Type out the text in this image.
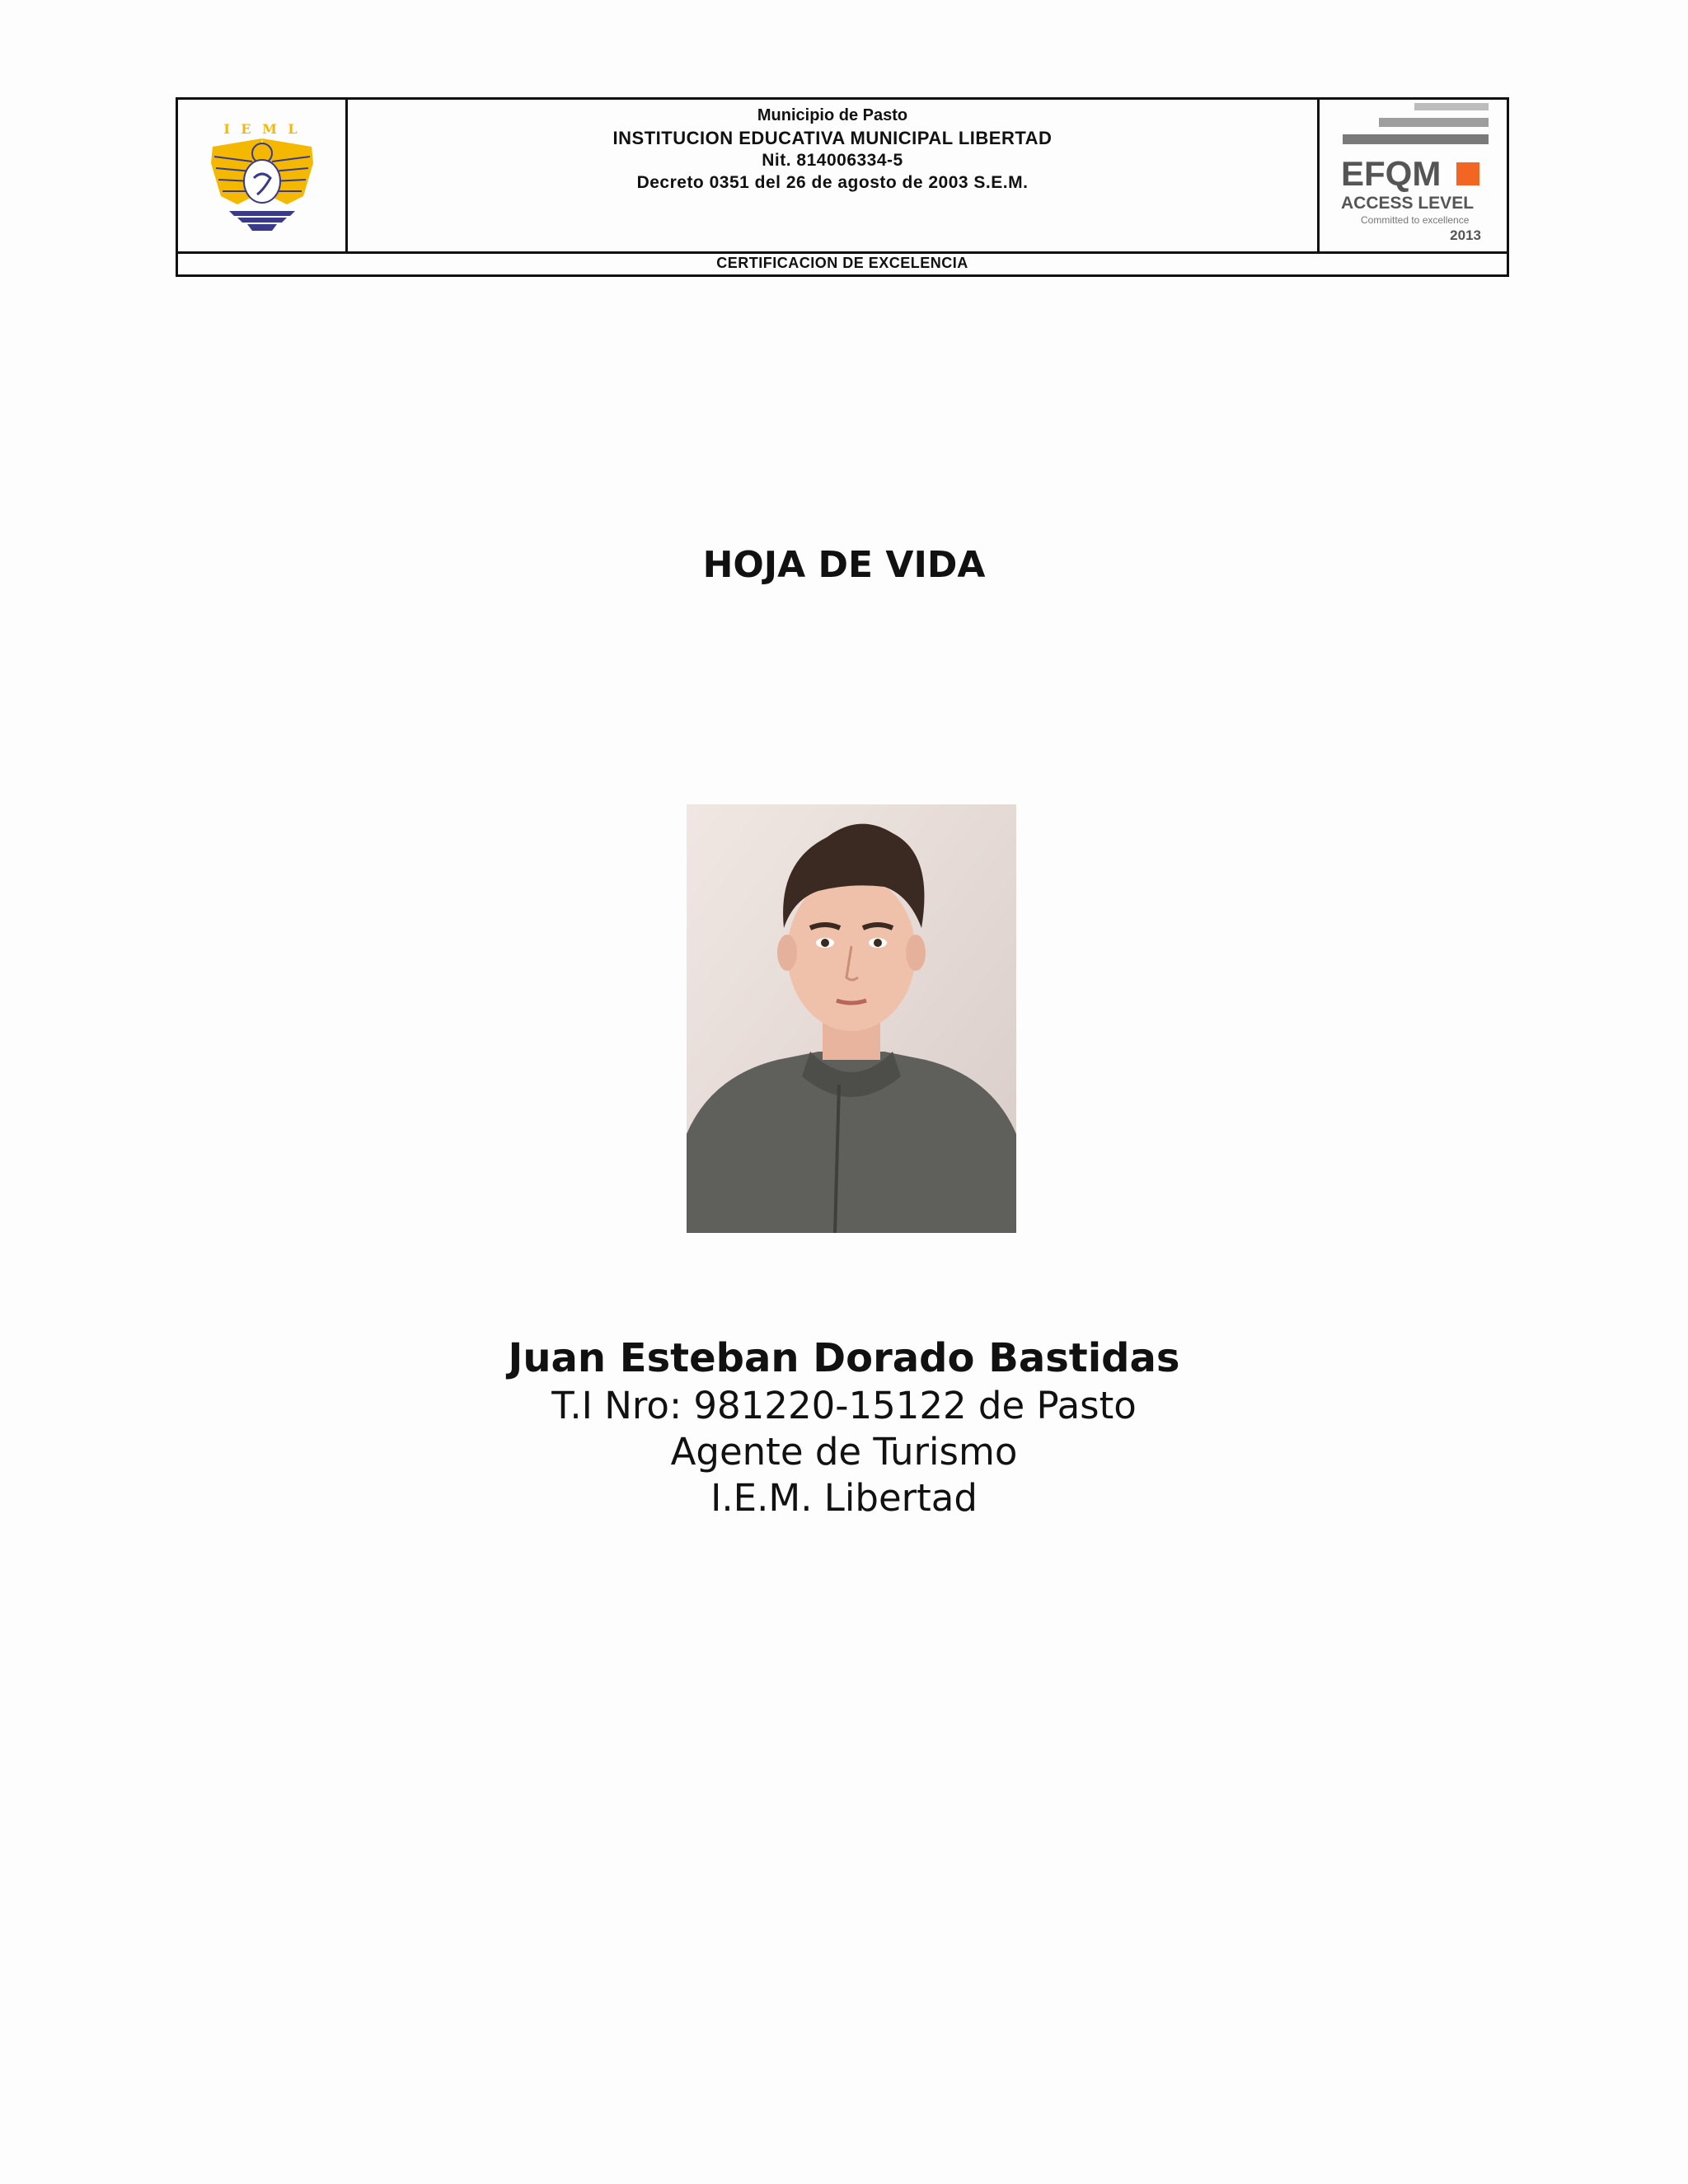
I E M L
Municipio de Pasto
INSTITUCION EDUCATIVA MUNICIPAL LIBERTAD
Nit. 814006334-5
Decreto 0351 del 26 de agosto de 2003 S.E.M.	EFQM
ACCESS LEVEL
Committed to excellence
2013
CERTIFICACION DE EXCELENCIA
HOJA DE VIDA
Juan Esteban Dorado Bastidas
T.I Nro: 981220-15122 de Pasto
Agente de Turismo
I.E.M. Libertad
